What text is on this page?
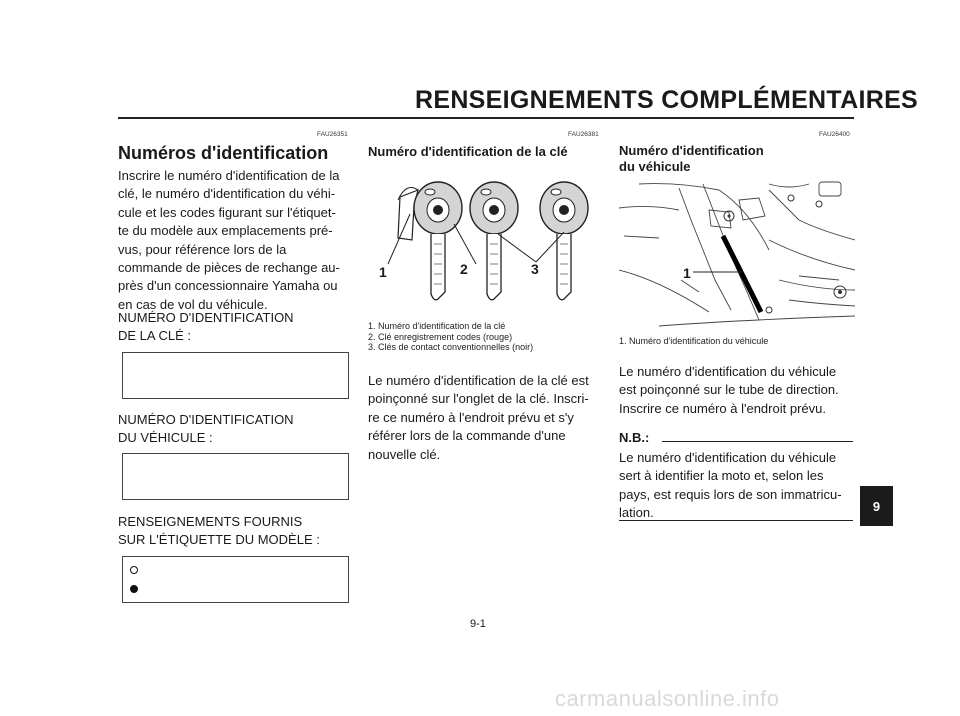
RENSEIGNEMENTS COMPLÉMENTAIRES
FAU26351
Numéros d'identification
Inscrire le numéro d'identification de la
clé, le numéro d'identification du véhi-
cule et les codes figurant sur l'étiquet-
te du modèle aux emplacements pré-
vus, pour référence lors de la
commande de pièces de rechange au-
près d'un concessionnaire Yamaha ou
en cas de vol du véhicule.
NUMÉRO D'IDENTIFICATION
DE LA CLÉ :
NUMÉRO D'IDENTIFICATION
DU VÉHICULE :
RENSEIGNEMENTS FOURNIS
SUR L'ÉTIQUETTE DU MODÈLE :
FAU26381
Numéro d'identification de la clé
1	2	3
1. Numéro d'identification de la clé
2. Clé enregistrement codes (rouge)
3. Clés de contact conventionnelles (noir)
Le numéro d'identification de la clé est
poinçonné sur l'onglet de la clé. Inscri-
re ce numéro à l'endroit prévu et s'y
référer lors de la commande d'une
nouvelle clé.
FAU26400
Numéro d'identification
du véhicule
1
1. Numéro d'identification du véhicule
Le numéro d'identification du véhicule
est poinçonné sur le tube de direction.
Inscrire ce numéro à l'endroit prévu.
N.B.:
Le numéro d'identification du véhicule
sert à identifier la moto et, selon les
pays, est requis lors de son immatricu-
lation.	9
9-1
carmanualsonline.info
